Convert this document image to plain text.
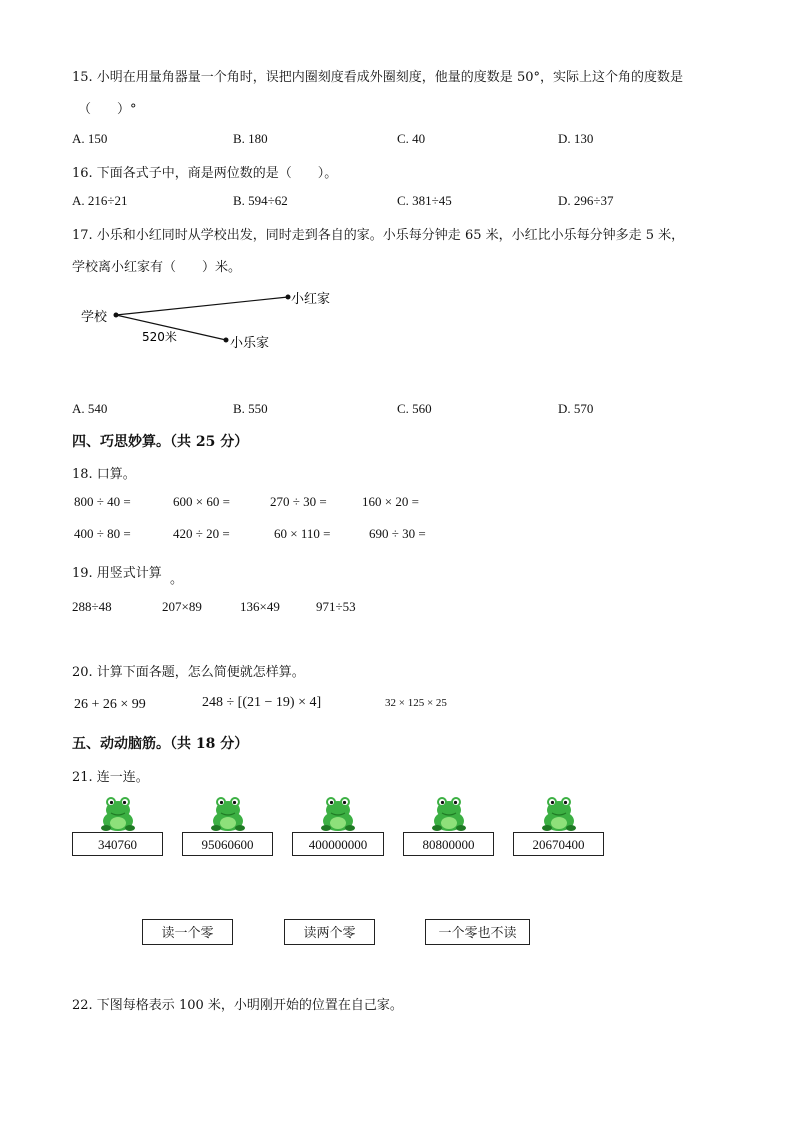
15. 小明在用量角器量一个角时，误把内圈刻度看成外圈刻度，他量的度数是 50°，实际上这个角的度数是
（　　）°
A. 150	B. 180	C. 40	D. 130
16. 下面各式子中，商是两位数的是（　　）。
A. 216÷21	B. 594÷62	C. 381÷45	D. 296÷37
17. 小乐和小红同时从学校出发，同时走到各自的家。小乐每分钟走 65 米，小红比小乐每分钟多走 5 米，
学校离小红家有（　　）米。
学校
小红家
小乐家
520米
A. 540	B. 550	C. 560	D. 570
四、巧思妙算。（共 25 分）
18. 口算。
800 ÷ 40 =	600 × 60 =	270 ÷ 30 =	160 × 20 =
400 ÷ 80 =	420 ÷ 20 =	60 × 110 =	690 ÷ 30 =
19. 用竖式计算 。
288÷48	207×89	136×49	971÷53
20. 计算下面各题，怎么简便就怎样算。
26 + 26 × 99	248 ÷ [(21 − 19) × 4]	32 × 125 × 25
五、动动脑筋。（共 18 分）
21. 连一连。
340760	95060600	400000000	80800000	20670400
读一个零	读两个零	一个零也不读
22. 下图每格表示 100 米，小明刚开始的位置在自己家。
